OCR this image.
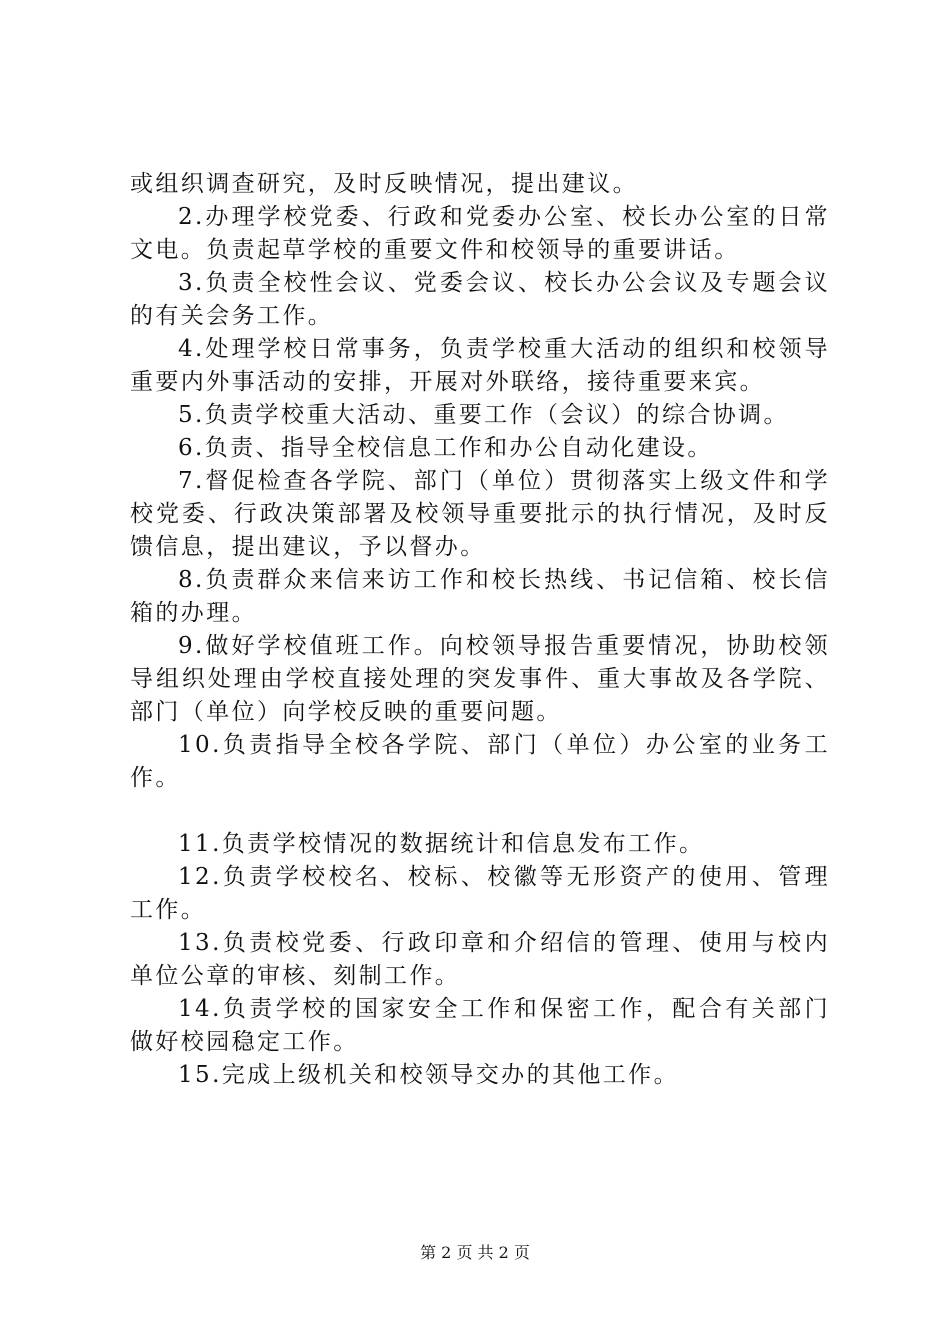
或组织调查研究，及时反映情况，提出建议。

2.办理学校党委、行政和党委办公室、校长办公室的日常文电。负责起草学校的重要文件和校领导的重要讲话。

3.负责全校性会议、党委会议、校长办公会议及专题会议的有关会务工作。

4.处理学校日常事务，负责学校重大活动的组织和校领导重要内外事活动的安排，开展对外联络，接待重要来宾。

5.负责学校重大活动、重要工作（会议）的综合协调。

6.负责、指导全校信息工作和办公自动化建设。

7.督促检查各学院、部门（单位）贯彻落实上级文件和学校党委、行政决策部署及校领导重要批示的执行情况，及时反馈信息，提出建议，予以督办。

8.负责群众来信来访工作和校长热线、书记信箱、校长信箱的办理。

9.做好学校值班工作。向校领导报告重要情况，协助校领导组织处理由学校直接处理的突发事件、重大事故及各学院、部门（单位）向学校反映的重要问题。

10.负责指导全校各学院、部门（单位）办公室的业务工作。

11.负责学校情况的数据统计和信息发布工作。

12.负责学校校名、校标、校徽等无形资产的使用、管理工作。

13.负责校党委、行政印章和介绍信的管理、使用与校内单位公章的审核、刻制工作。

14.负责学校的国家安全工作和保密工作，配合有关部门做好校园稳定工作。

15.完成上级机关和校领导交办的其他工作。

第 2 页 共 2 页
